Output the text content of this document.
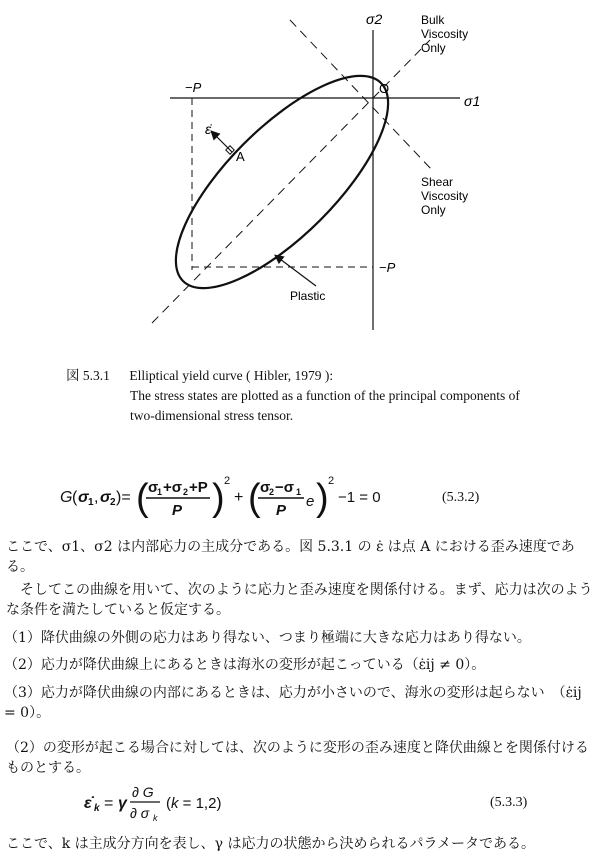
σ2
σ1
O
−P
−P
ε̇
A
Bulk
Viscosity
Only
Shear
Viscosity
Only
Plastic
図 5.3.1 Elliptical yield curve ( Hibler, 1979 ):
The stress states are plotted as a function of the principal components of
two-dimensional stress tensor.
G ( σ 1 , σ 2 )= ( σ
1 +σ 2 +P
P ) 2
+ ( σ
2 −σ 1
P
e ) 2
−1 = 0	(5.3.2)
ここで、σ1、σ2 は内部応力の主成分である。図 5.3.1 の ε̇ は点 A における歪み速度である。
そしてこの曲線を用いて、次のように応力と歪み速度を関係付ける。まず、応力は次のような条件を満たしていると仮定する。
（1）降伏曲線の外側の応力はあり得ない、つまり極端に大きな応力はあり得ない。
（2）応力が降伏曲線上にあるときは海氷の変形が起こっている（ε̇ij ≠ 0）。
（3）応力が降伏曲線の内部にあるときは、応力が小さいので、海氷の変形は起らない　（ε̇ij = 0）。
（2）の変形が起こる場合に対しては、次のように変形の歪み速度と降伏曲線とを関係付けるものとする。
ε̇ k = γ
∂ G
∂ σ k
(k = 1,2)	(5.3.3)
ここで、k は主成分方向を表し、γ は応力の状態から決められるパラメータである。
